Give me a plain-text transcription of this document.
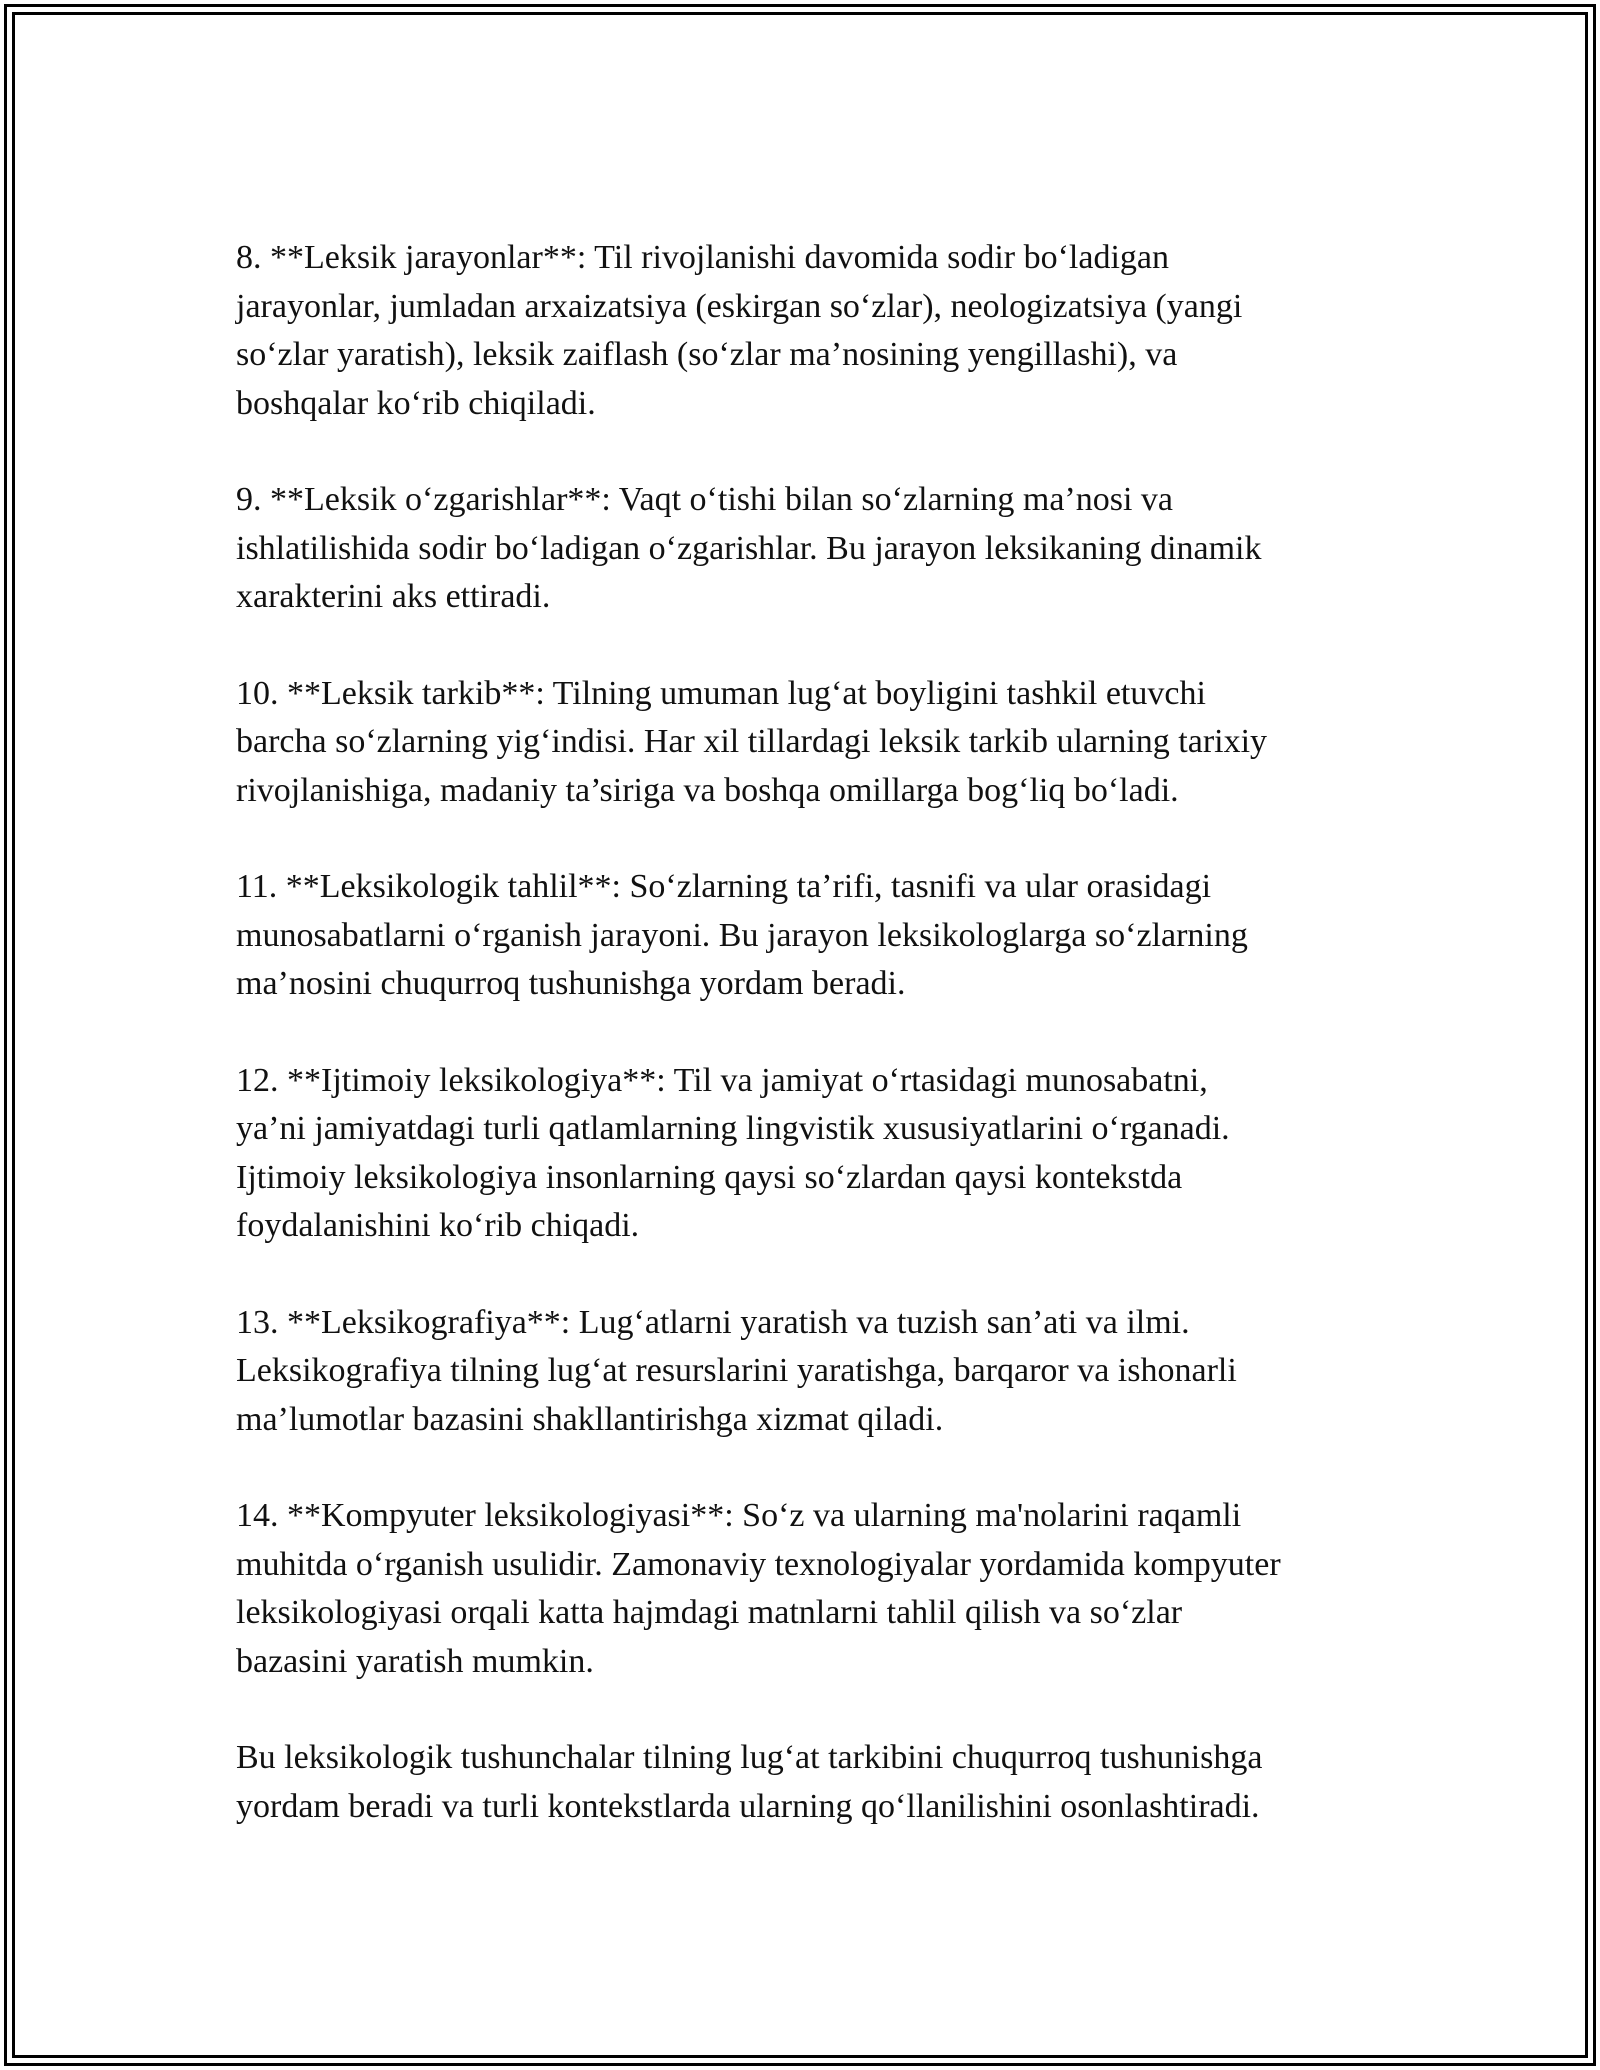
8. **Leksik jarayonlar**: Til rivojlanishi davomida sodir bo‘ladigan
jarayonlar, jumladan arxaizatsiya (eskirgan so‘zlar), neologizatsiya (yangi
so‘zlar yaratish), leksik zaiflash (so‘zlar ma’nosining yengillashi), va
boshqalar ko‘rib chiqiladi.

9. **Leksik o‘zgarishlar**: Vaqt o‘tishi bilan so‘zlarning ma’nosi va
ishlatilishida sodir bo‘ladigan o‘zgarishlar. Bu jarayon leksikaning dinamik
xarakterini aks ettiradi.

10. **Leksik tarkib**: Tilning umuman lug‘at boyligini tashkil etuvchi
barcha so‘zlarning yig‘indisi. Har xil tillardagi leksik tarkib ularning tarixiy
rivojlanishiga, madaniy ta’siriga va boshqa omillarga bog‘liq bo‘ladi.

11. **Leksikologik tahlil**: So‘zlarning ta’rifi, tasnifi va ular orasidagi
munosabatlarni o‘rganish jarayoni. Bu jarayon leksikologlarga so‘zlarning
ma’nosini chuqurroq tushunishga yordam beradi.

12. **Ijtimoiy leksikologiya**: Til va jamiyat o‘rtasidagi munosabatni,
ya’ni jamiyatdagi turli qatlamlarning lingvistik xususiyatlarini o‘rganadi.
Ijtimoiy leksikologiya insonlarning qaysi so‘zlardan qaysi kontekstda
foydalanishini ko‘rib chiqadi.

13. **Leksikografiya**: Lug‘atlarni yaratish va tuzish san’ati va ilmi.
Leksikografiya tilning lug‘at resurslarini yaratishga, barqaror va ishonarli
ma’lumotlar bazasini shakllantirishga xizmat qiladi.

14. **Kompyuter leksikologiyasi**: So‘z va ularning ma'nolarini raqamli
muhitda o‘rganish usulidir. Zamonaviy texnologiyalar yordamida kompyuter
leksikologiyasi orqali katta hajmdagi matnlarni tahlil qilish va so‘zlar
bazasini yaratish mumkin.

Bu leksikologik tushunchalar tilning lug‘at tarkibini chuqurroq tushunishga
yordam beradi va turli kontekstlarda ularning qo‘llanilishini osonlashtiradi.
